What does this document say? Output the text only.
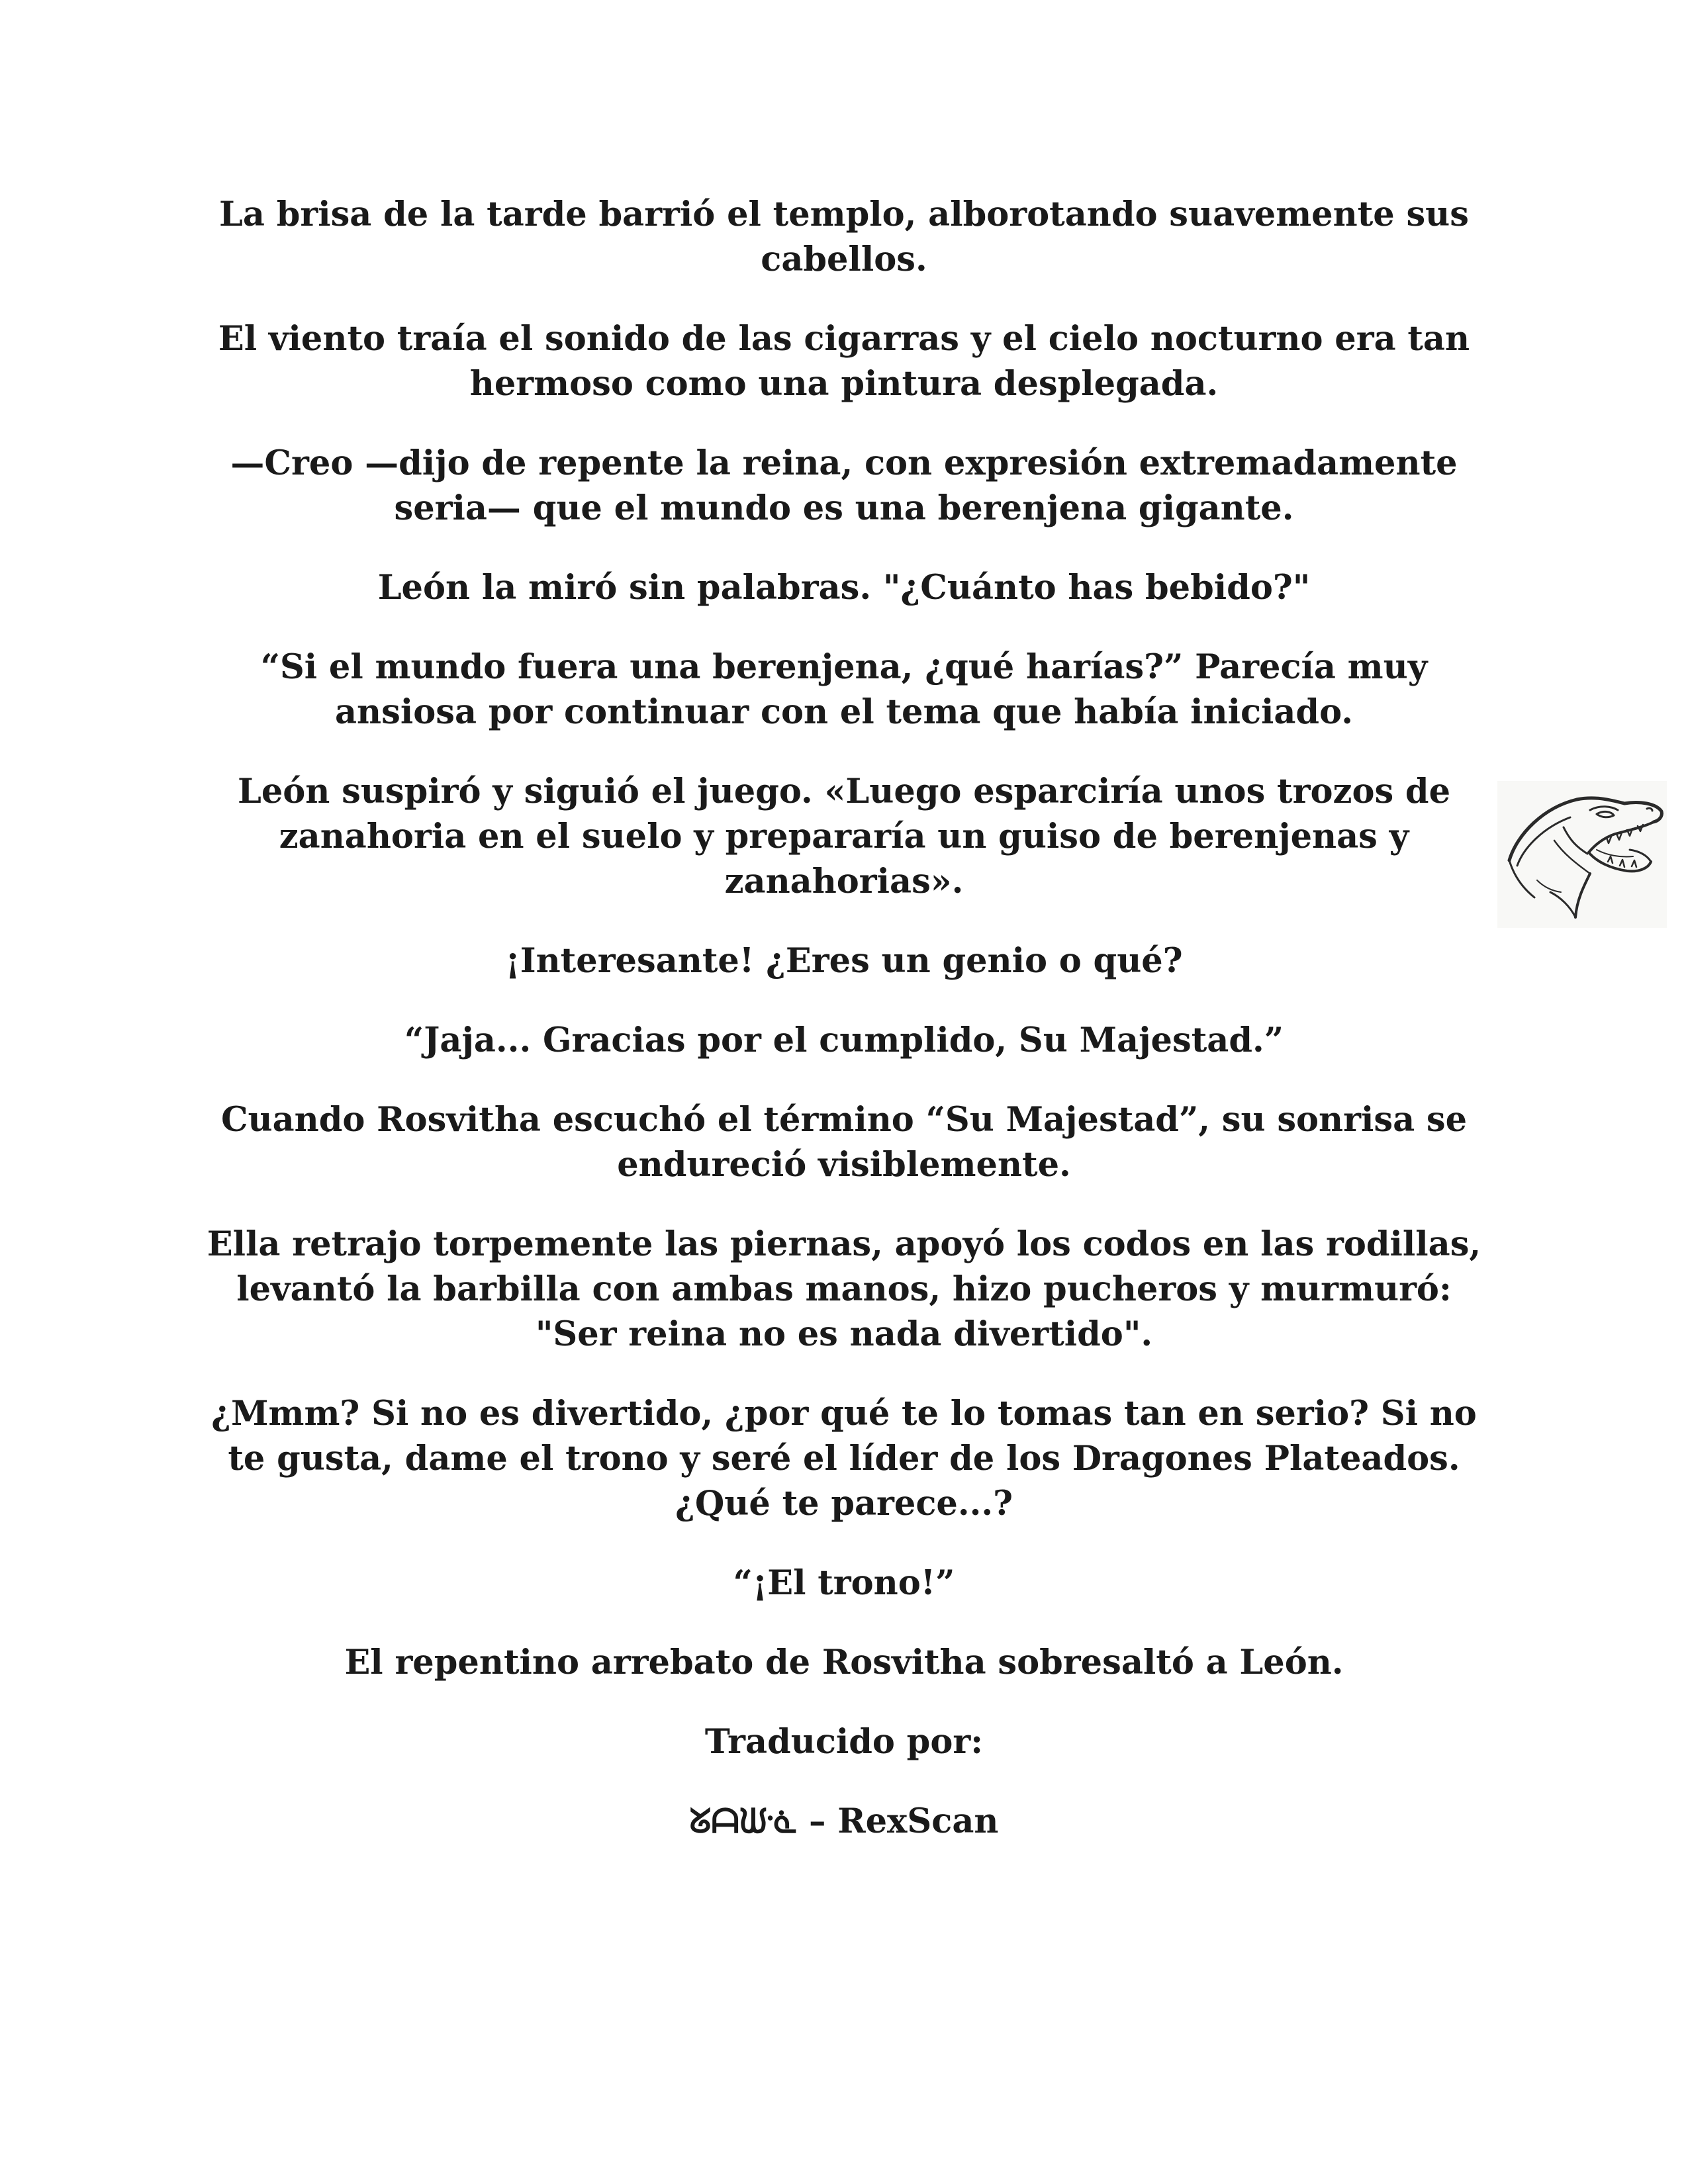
La brisa de la tarde barrió el templo, alborotando suavemente sus cabellos.

El viento traía el sonido de las cigarras y el cielo nocturno era tan hermoso como una pintura desplegada.

—Creo —dijo de repente la reina, con expresión extremadamente seria— que el mundo es una berenjena gigante.

León la miró sin palabras. "¿Cuánto has bebido?"

“Si el mundo fuera una berenjena, ¿qué harías?” Parecía muy ansiosa por continuar con el tema que había iniciado.

León suspiró y siguió el juego. «Luego esparciría unos trozos de zanahoria en el suelo y prepararía un guiso de berenjenas y zanahorias».

¡Interesante! ¿Eres un genio o qué?

“Jaja... Gracias por el cumplido, Su Majestad.”

Cuando Rosvitha escuchó el término “Su Majestad”, su sonrisa se endureció visiblemente.

Ella retrajo torpemente las piernas, apoyó los codos en las rodillas, levantó la barbilla con ambas manos, hizo pucheros y murmuró: "Ser reina no es nada divertido".

¿Mmm? Si no es divertido, ¿por qué te lo tomas tan en serio? Si no te gusta, dame el trono y seré el líder de los Dragones Plateados. ¿Qué te parece...?

“¡El trono!”

El repentino arrebato de Rosvitha sobresaltó a León.

Traducido por:

ᘜᗩᙎᓍ – RexScan
